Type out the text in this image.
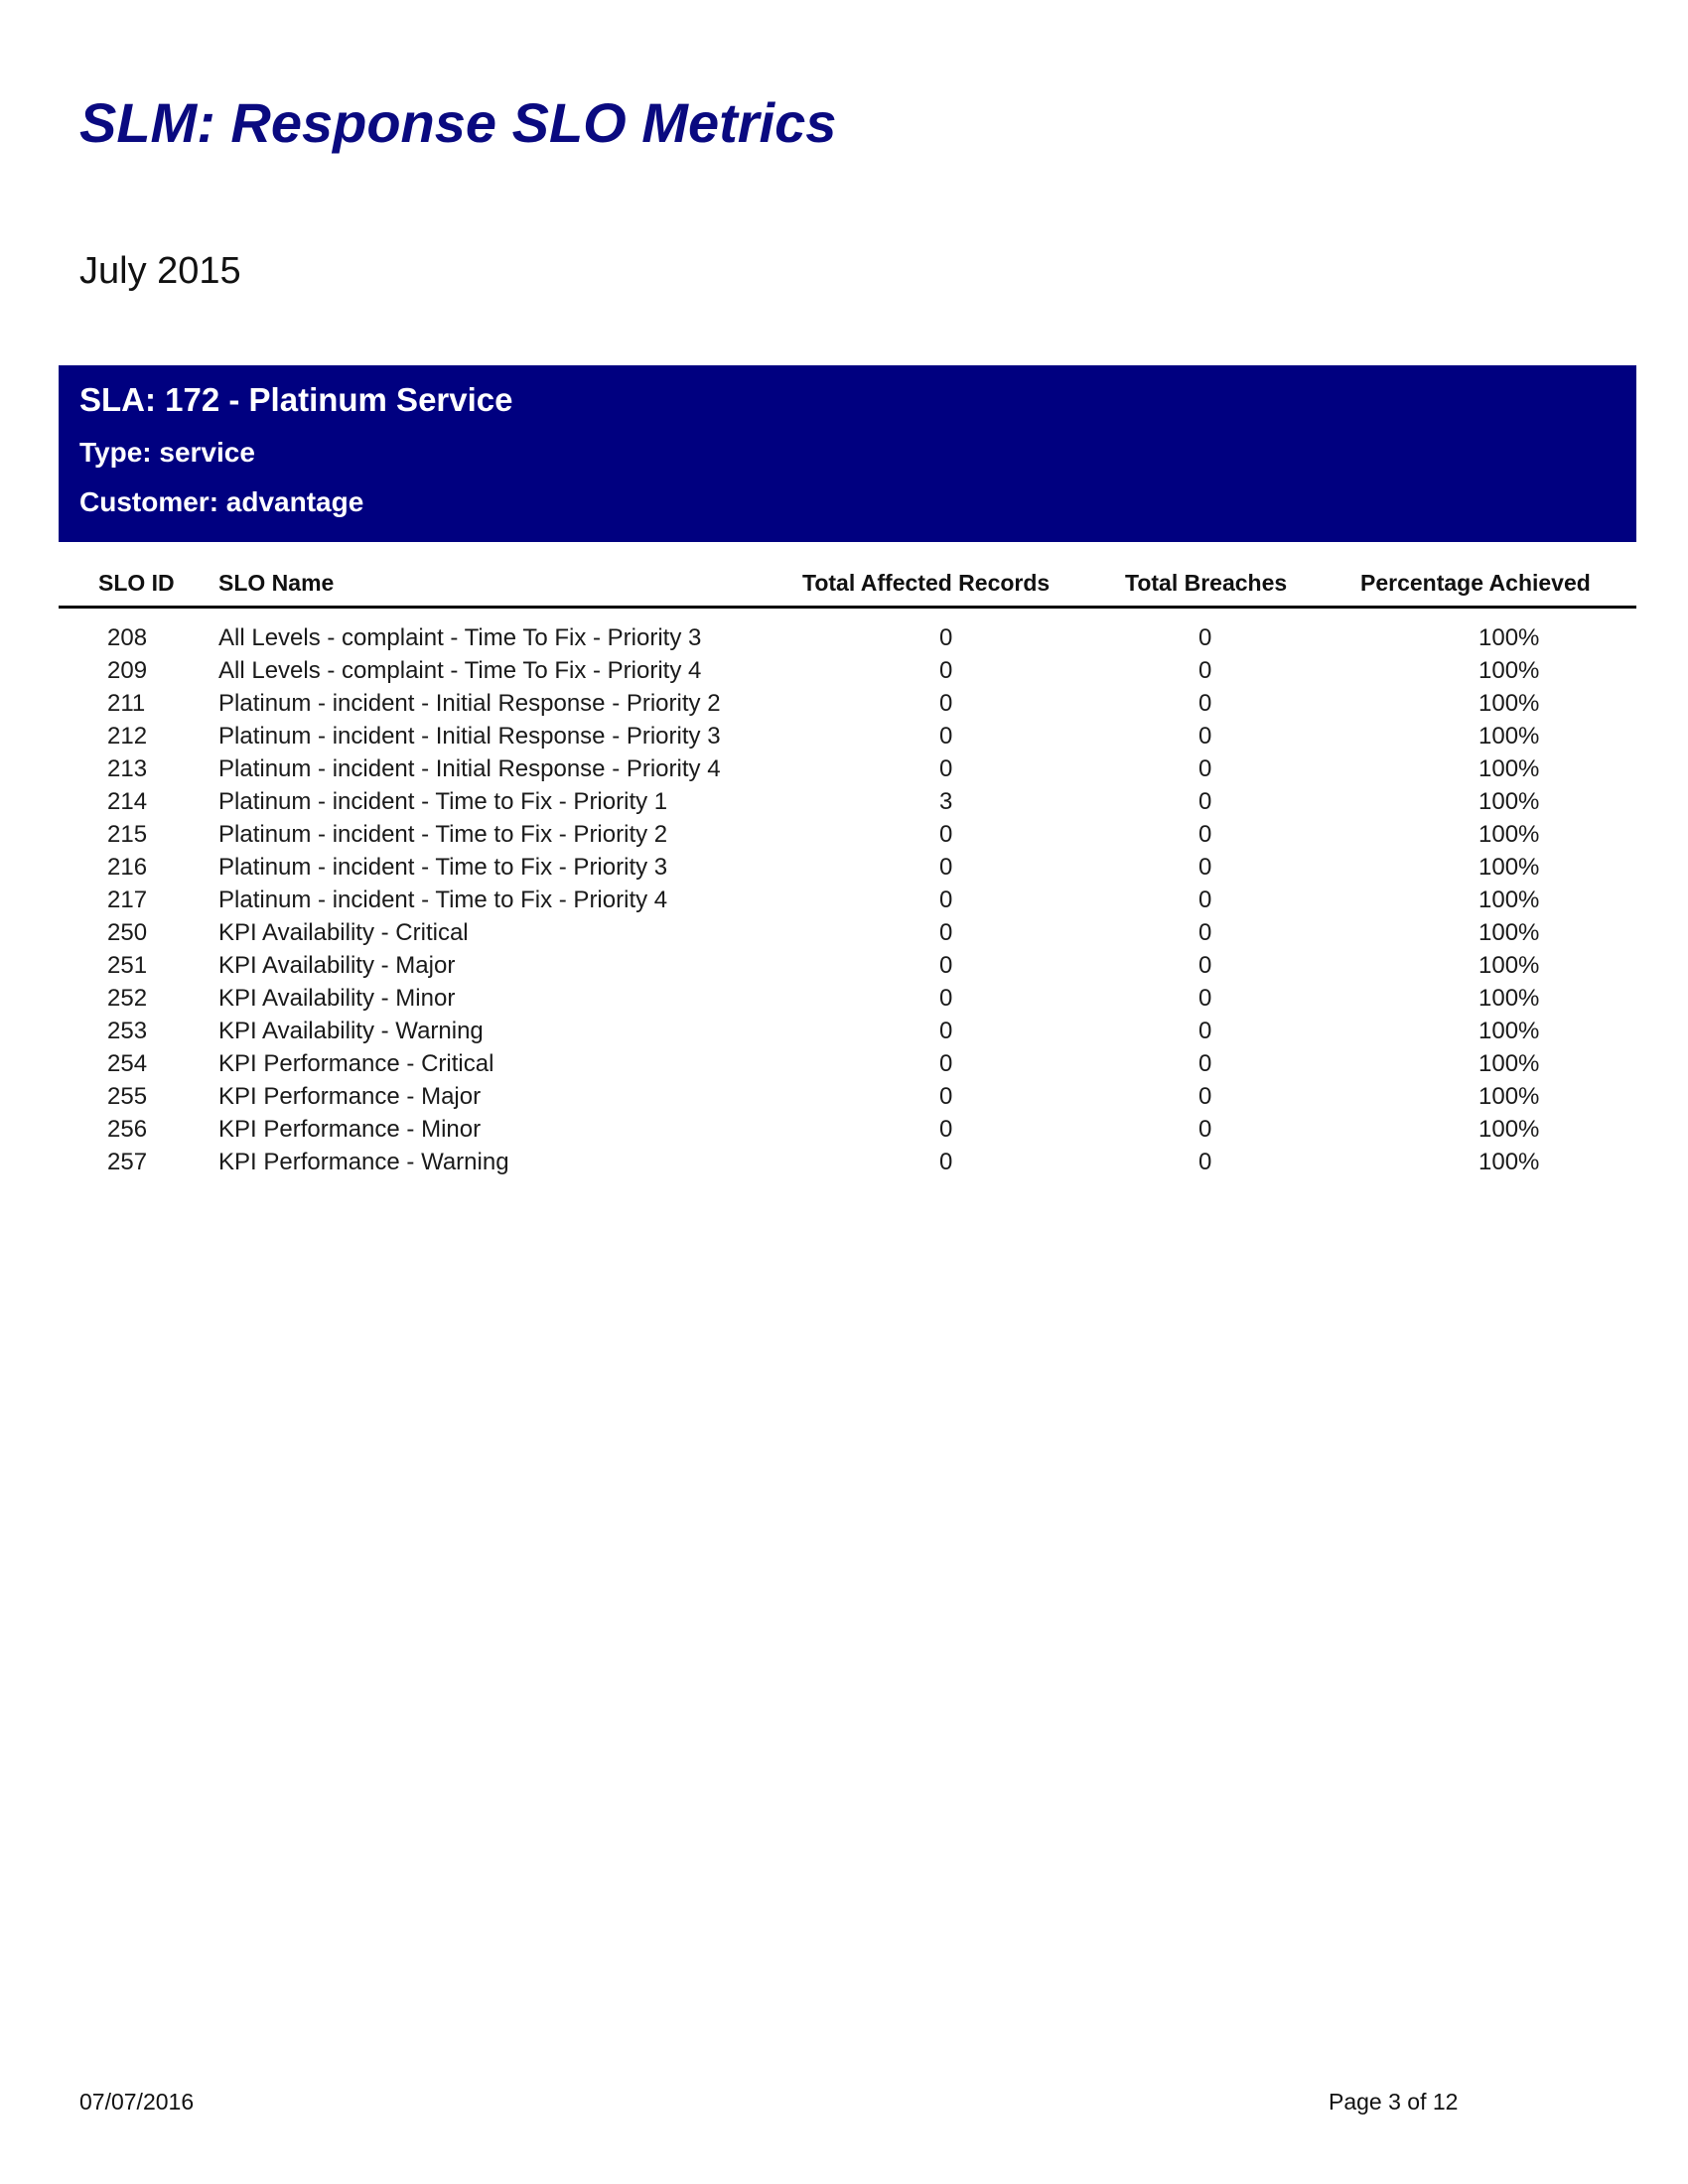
SLM: Response SLO Metrics
July 2015
SLA: 172 - Platinum Service
Type: service
Customer: advantage
SLO ID SLO Name	Total Affected Records	Total Breaches	Percentage Achieved
208	All Levels - complaint - Time To Fix - Priority 3	0	0	100%
209	All Levels - complaint - Time To Fix - Priority 4	0	0	100%
211	Platinum - incident - Initial Response - Priority 2	0	0	100%
212	Platinum - incident - Initial Response - Priority 3	0	0	100%
213	Platinum - incident - Initial Response - Priority 4	0	0	100%
214	Platinum - incident - Time to Fix - Priority 1	3	0	100%
215	Platinum - incident - Time to Fix - Priority 2	0	0	100%
216	Platinum - incident - Time to Fix - Priority 3	0	0	100%
217	Platinum - incident - Time to Fix - Priority 4	0	0	100%
250	KPI Availability - Critical	0	0	100%
251	KPI Availability - Major	0	0	100%
252	KPI Availability - Minor	0	0	100%
253	KPI Availability - Warning	0	0	100%
254	KPI Performance - Critical	0	0	100%
255	KPI Performance - Major	0	0	100%
256	KPI Performance - Minor	0	0	100%
257	KPI Performance - Warning	0	0	100%
07/07/2016	Page 3 of 12
